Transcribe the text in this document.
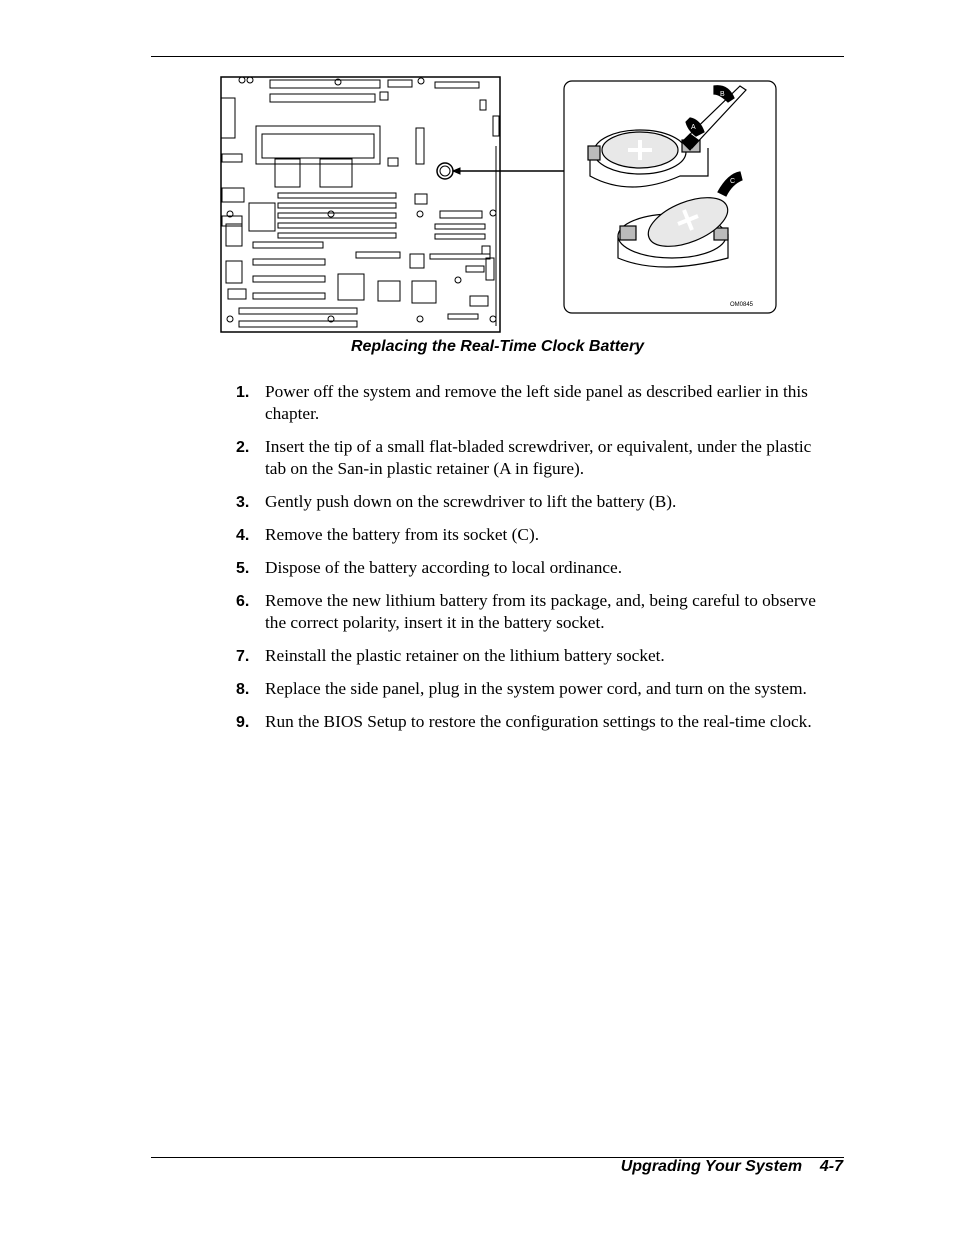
B
A
C
OM0845
Replacing the Real-Time Clock Battery
1. Power off the system and remove the left side panel as described earlier in this chapter.
2. Insert the tip of a small flat-bladed screwdriver, or equivalent, under the plastic tab on the San-in plastic retainer (A in figure).
3. Gently push down on the screwdriver to lift the battery (B).
4. Remove the battery from its socket (C).
5. Dispose of the battery according to local ordinance.
6. Remove the new lithium battery from its package, and, being careful to observe the correct polarity, insert it in the battery socket.
7. Reinstall the plastic retainer on the lithium battery socket.
8. Replace the side panel, plug in the system power cord, and turn on the system.
9. Run the BIOS Setup to restore the configuration settings to the real-time clock.
Upgrading Your System 4-7
